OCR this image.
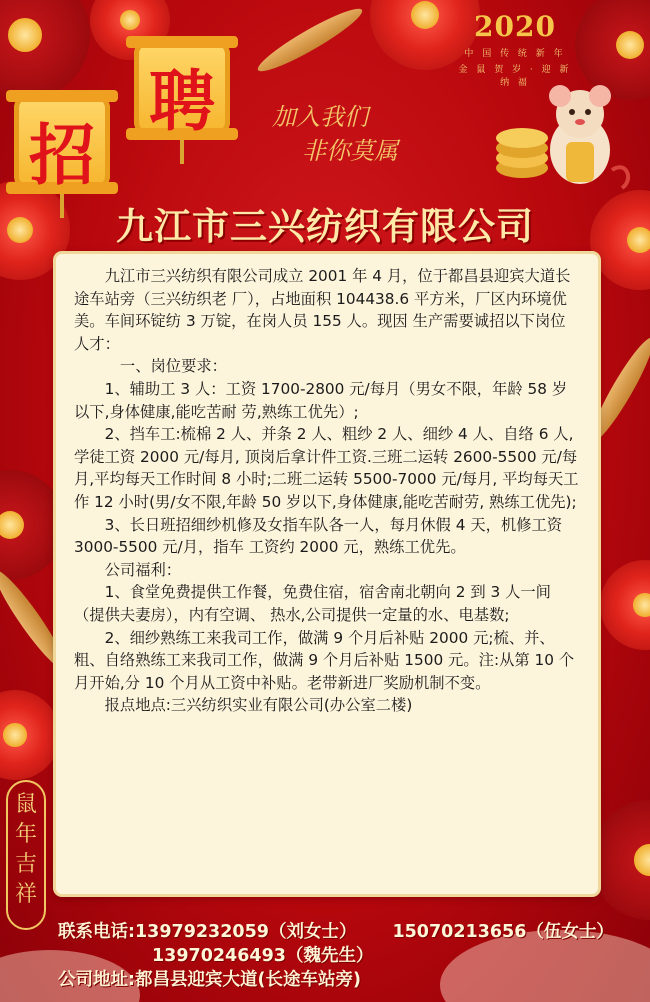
招
聘
2020
中 国 传 统 新 年
金 鼠 贺 岁 · 迎 新 纳 福
加入我们
非你莫属
九江市三兴纺织有限公司

九江市三兴纺织有限公司成立 2001 年 4 月，位于都昌县迎宾大道长途车站旁（三兴纺织老 厂），占地面积 104438.6 平方米，厂区内环境优美。车间环锭纺 3 万锭，在岗人员 155 人。现因 生产需要诚招以下岗位人才：

一、岗位要求：

1、辅助工 3 人：工资 1700-2800 元/每月（男女不限，年龄 58 岁以下,身体健康,能吃苦耐 劳,熟练工优先）;

2、挡车工:梳棉 2 人、并条 2 人、粗纱 2 人、细纱 4 人、自络 6 人,学徒工资 2000 元/每月, 顶岗后拿计件工资.三班二运转 2600-5500 元/每月,平均每天工作时间 8 小时;二班二运转 5500-7000 元/每月, 平均每天工作 12 小时(男/女不限,年龄 50 岁以下,身体健康,能吃苦耐劳, 熟练工优先);

3、长日班招细纱机修及女指车队各一人，每月休假 4 天，机修工资 3000-5500 元/月，指车 工资约 2000 元，熟练工优先。

公司福利：

1、食堂免费提供工作餐，免费住宿，宿舍南北朝向 2 到 3 人一间（提供夫妻房），内有空调、 热水,公司提供一定量的水、电基数;

2、细纱熟练工来我司工作，做满 9 个月后补贴 2000 元;梳、并、粗、自络熟练工来我司工作，做满 9 个月后补贴 1500 元。注:从第 10 个月开始,分 10 个月从工资中补贴。老带新进厂奖励机制不变。

报点地点:三兴纺织实业有限公司(办公室二楼)

鼠年吉祥
联系电话:13979232059（刘女士） 15070213656（伍女士）
13970246493（魏先生）
公司地址:都昌县迎宾大道(长途车站旁)
